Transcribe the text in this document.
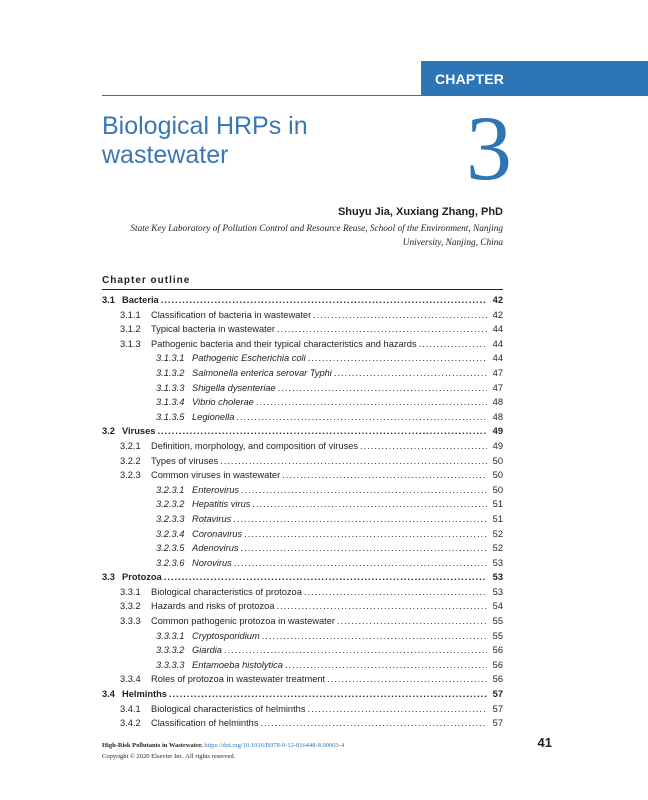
CHAPTER
Biological HRPs in wastewater	3
Shuyu Jia, Xuxiang Zhang, PhD
State Key Laboratory of Pollution Control and Resource Reuse, School of the Environment, Nanjing University, Nanjing, China
Chapter outline
3.1 Bacteria .....	42
3.1.1	Classification of bacteria in wastewater .....	42
3.1.2	Typical bacteria in wastewater .....	44
3.1.3	Pathogenic bacteria and their typical characteristics and hazards .....	44
3.1.3.1 Pathogenic Escherichia coli .....	44
3.1.3.2 Salmonella enterica serovar Typhi .....	47
3.1.3.3 Shigella dysenteriae .....	47
3.1.3.4 Vibrio cholerae .....	48
3.1.3.5 Legionella .....	48
3.2 Viruses .....	49
3.2.1	Definition, morphology, and composition of viruses .....	49
3.2.2	Types of viruses .....	50
3.2.3	Common viruses in wastewater .....	50
3.2.3.1 Enterovirus .....	50
3.2.3.2 Hepatitis virus .....	51
3.2.3.3 Rotavirus .....	51
3.2.3.4 Coronavirus .....	52
3.2.3.5 Adenovirus .....	52
3.2.3.6 Norovirus .....	53
3.3 Protozoa .....	53
3.3.1	Biological characteristics of protozoa .....	53
3.3.2	Hazards and risks of protozoa .....	54
3.3.3	Common pathogenic protozoa in wastewater .....	55
3.3.3.1 Cryptosporidium .....	55
3.3.3.2 Giardia .....	56
3.3.3.3 Entamoeba histolytica .....	56
3.3.4	Roles of protozoa in wastewater treatment .....	56
3.4 Helminths .....	57
3.4.1	Biological characteristics of helminths .....	57
3.4.2	Classification of helminths .....	57
High-Risk Pollutants in Wastewater. https://doi.org/10.1016/B978-0-12-816448-8.00003-4
Copyright © 2020 Elsevier Inc. All rights reserved.
41
